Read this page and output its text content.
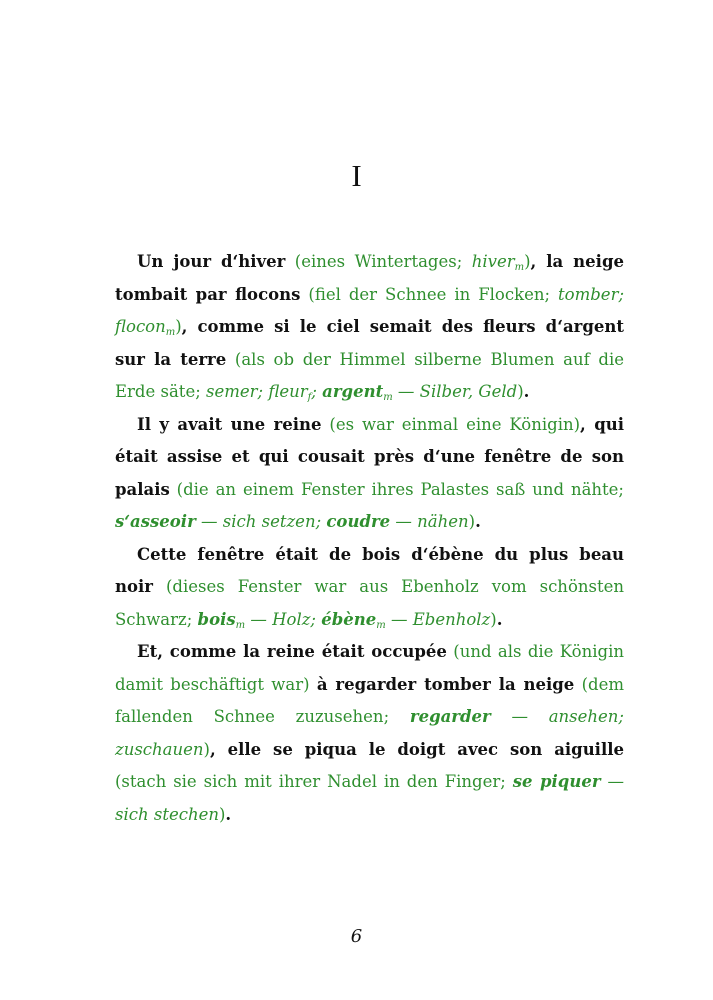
I

Un jour d‘hiver (eines Wintertages; hiver$_m$), la neige tombait par flocons (fiel der Schnee in Flocken; tomber; flocon$_m$), comme si le ciel semait des fleurs d‘argent sur la terre (als ob der Himmel silberne Blumen auf die Erde säte; semer; fleur$_f$; argent$_m$ — Silber, Geld).

Il y avait une reine (es war einmal eine Königin), qui était assise et qui cousait près d‘une fenêtre de son palais (die an einem Fenster ihres Palastes saß und nähte; s‘asseoir — sich setzen; coudre — nähen).

Cette fenêtre était de bois d‘ébène du plus beau noir (dieses Fenster war aus Ebenholz vom schönsten Schwarz; bois$_m$ — Holz; ébène$_m$ — Ebenholz).

Et, comme la reine était occupée (und als die Königin damit beschäftigt war) à regarder tomber la neige (dem fallenden Schnee zuzusehen; regarder — ansehen; zuschauen), elle se piqua le doigt avec son aiguille (stach sie sich mit ihrer Nadel in den Finger; se piquer — sich stechen).

6
